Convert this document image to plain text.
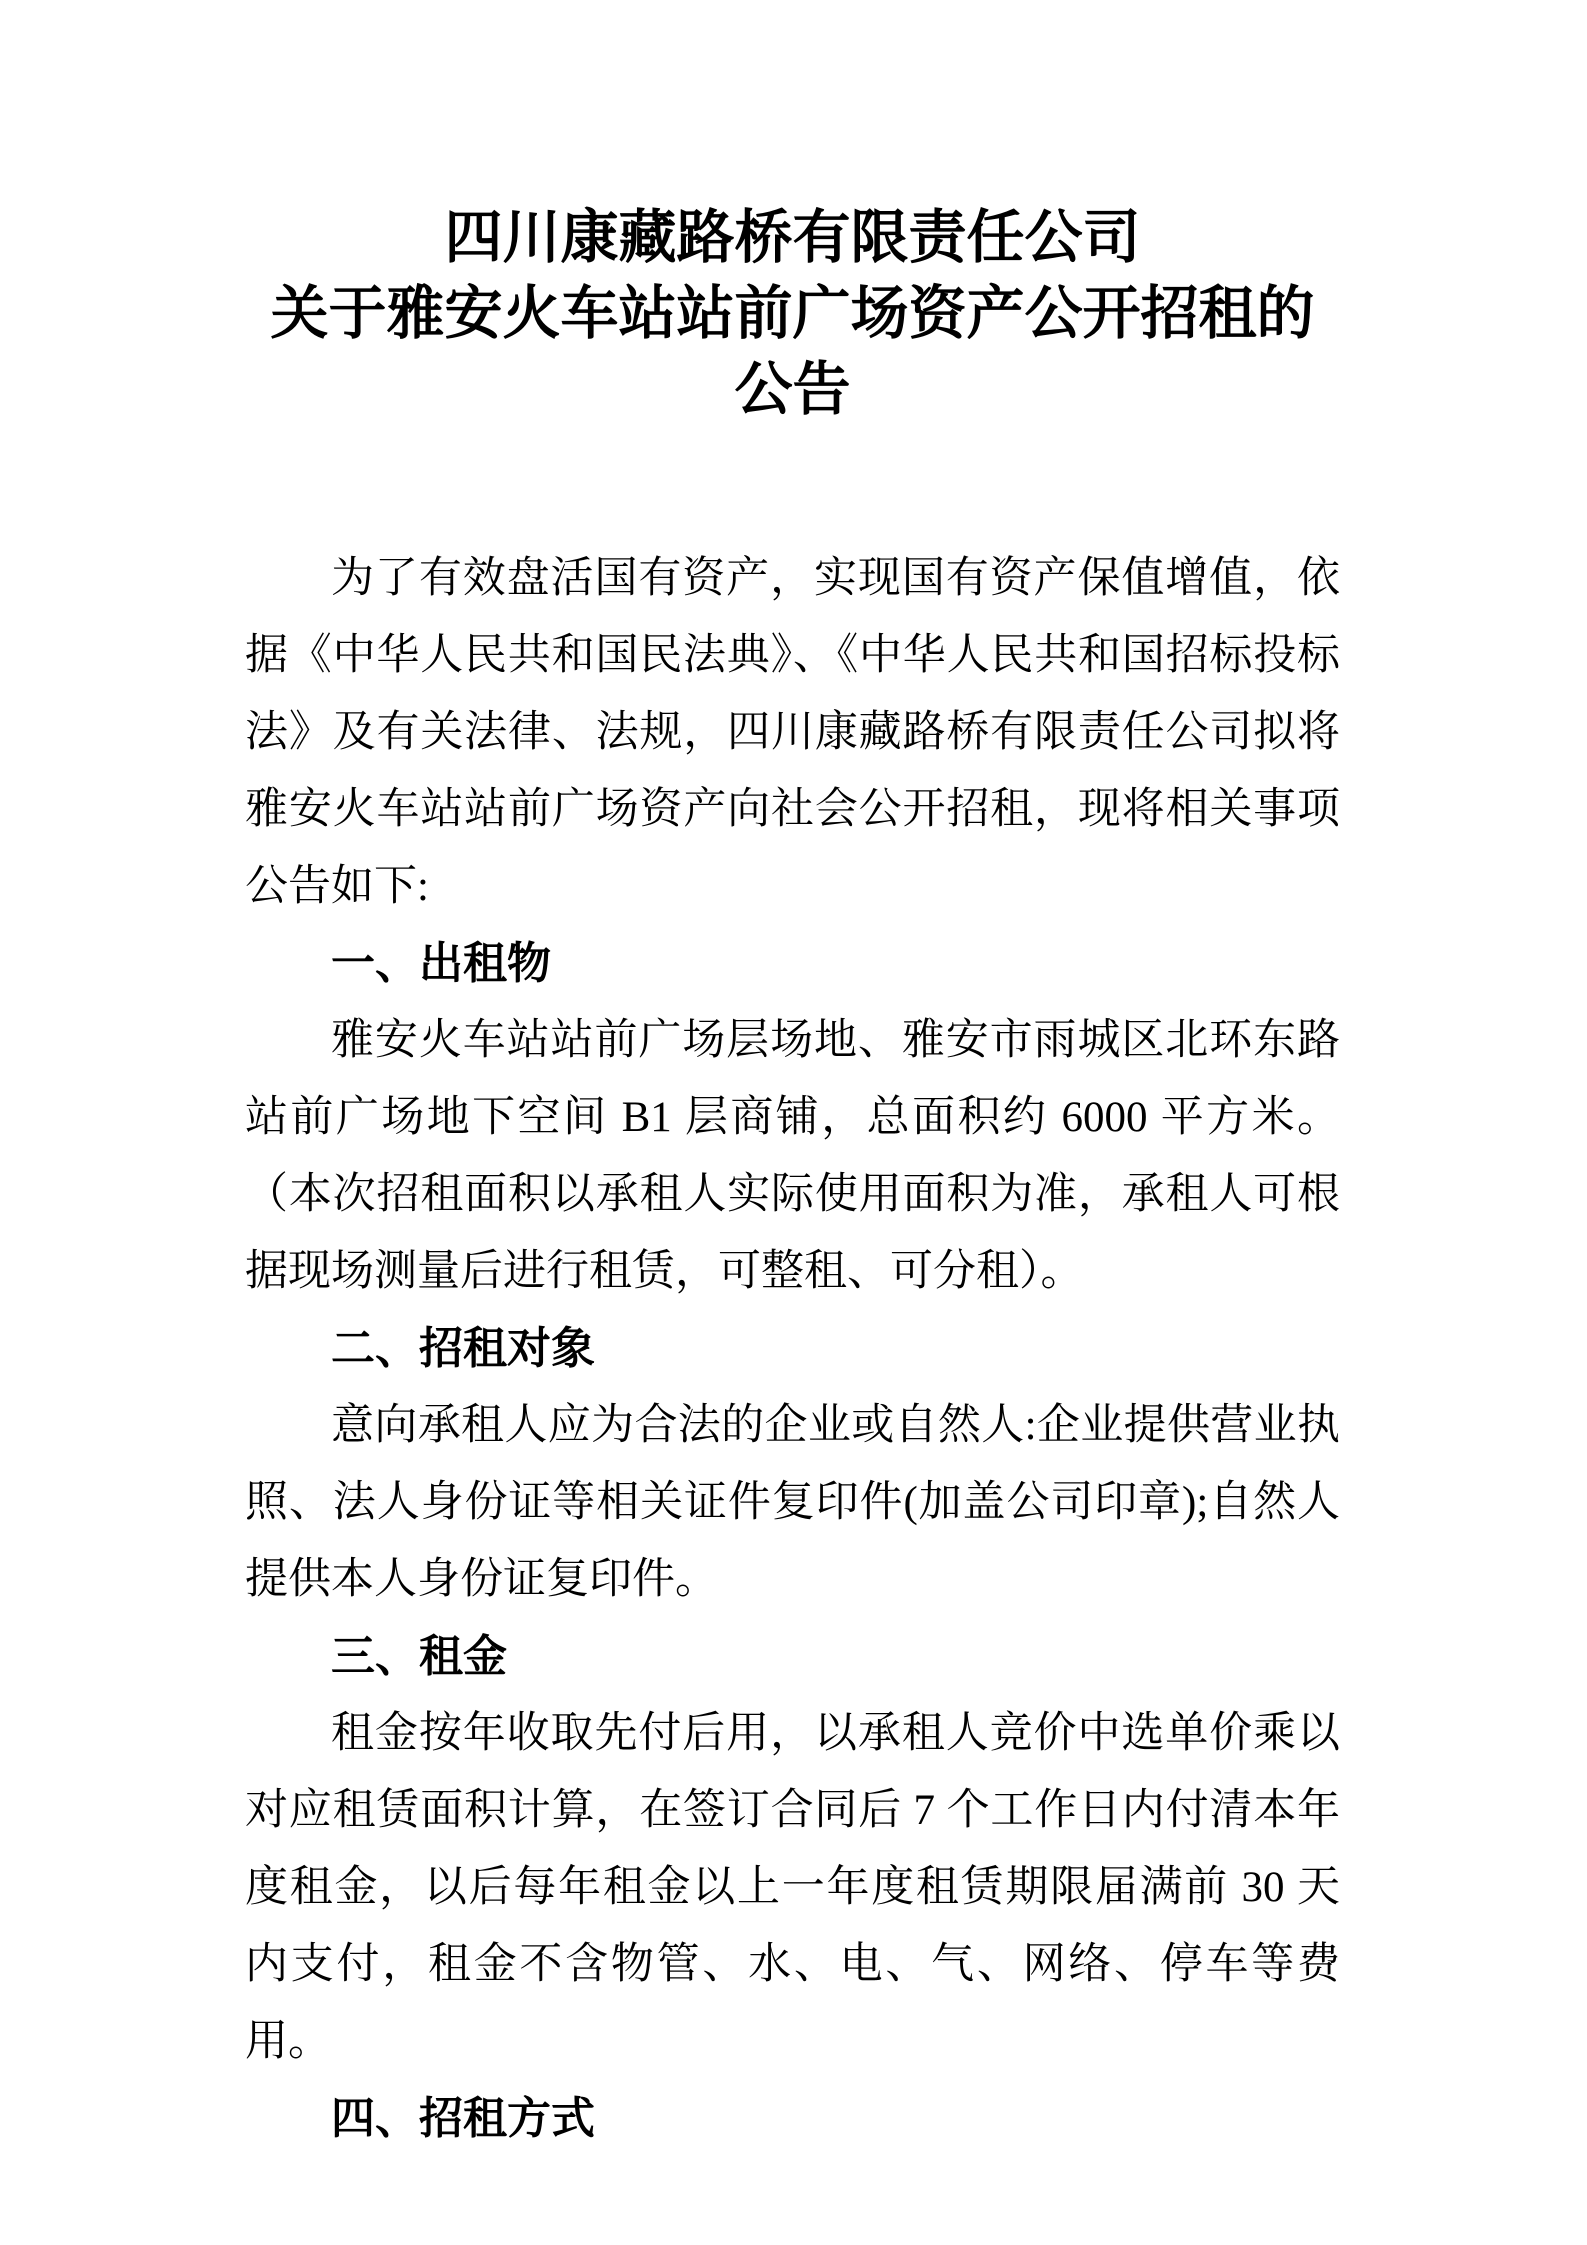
四川康藏路桥有限责任公司
关于雅安火车站站前广场资产公开招租的
公告

为了有效盘活国有资产，实现国有资产保值增值，依据《中华人民共和国民法典》、《中华人民共和国招标投标法》及有关法律、法规，四川康藏路桥有限责任公司拟将雅安火车站站前广场资产向社会公开招租，现将相关事项公告如下:

一、出租物

雅安火车站站前广场层场地、雅安市雨城区北环东路站前广场地下空间 B1 层商铺，总面积约 6000 平方米。（本次招租面积以承租人实际使用面积为准，承租人可根据现场测量后进行租赁，可整租、可分租）。

二、招租对象

意向承租人应为合法的企业或自然人:企业提供营业执照、法人身份证等相关证件复印件(加盖公司印章);自然人提供本人身份证复印件。

三、租金

租金按年收取先付后用，以承租人竞价中选单价乘以对应租赁面积计算，在签订合同后 7 个工作日内付清本年度租金，以后每年租金以上一年度租赁期限届满前 30 天内支付，租金不含物管、水、电、气、网络、停车等费用。

四、招租方式
